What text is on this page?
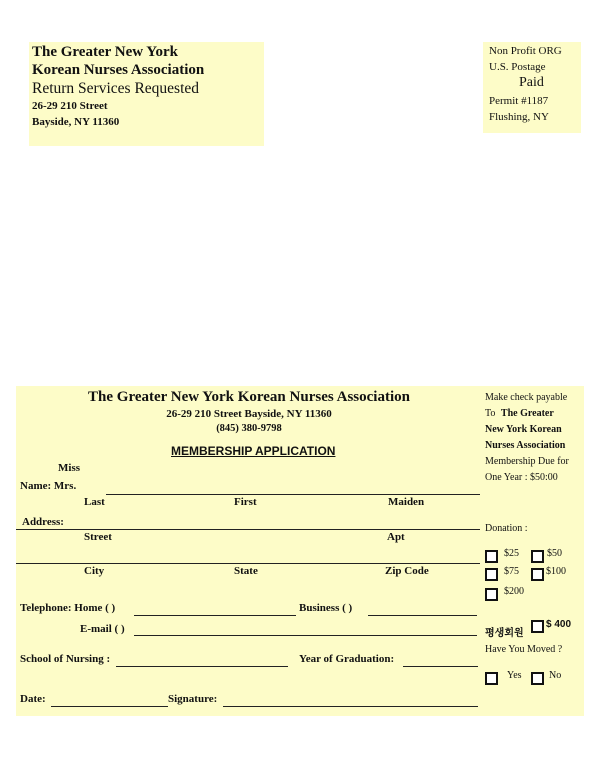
The Greater New York
Korean Nurses Association
Return Services Requested
26-29 210 Street
Bayside, NY 11360
Non Profit ORG
U.S. Postage
Paid
Permit #1187
Flushing, NY
The Greater New York Korean Nurses Association
26-29 210 Street Bayside, NY 11360
(845) 380-9798
MEMBERSHIP APPLICATION
Miss
Name: Mrs.
Last	First	Maiden
Address:
Street	Apt
City	State	Zip Code
Telephone: Home ( )	Business ( )
E-mail ( )
School of Nursing :	Year of Graduation:
Date:	Signature:
Make check payable
To The Greater
New York Korean
Nurses Association
Membership Due for
One Year : $50:00
Donation :
$25	$50
$75	$100
$200
평생회원
$ 400
Have You Moved ?
Yes	No
